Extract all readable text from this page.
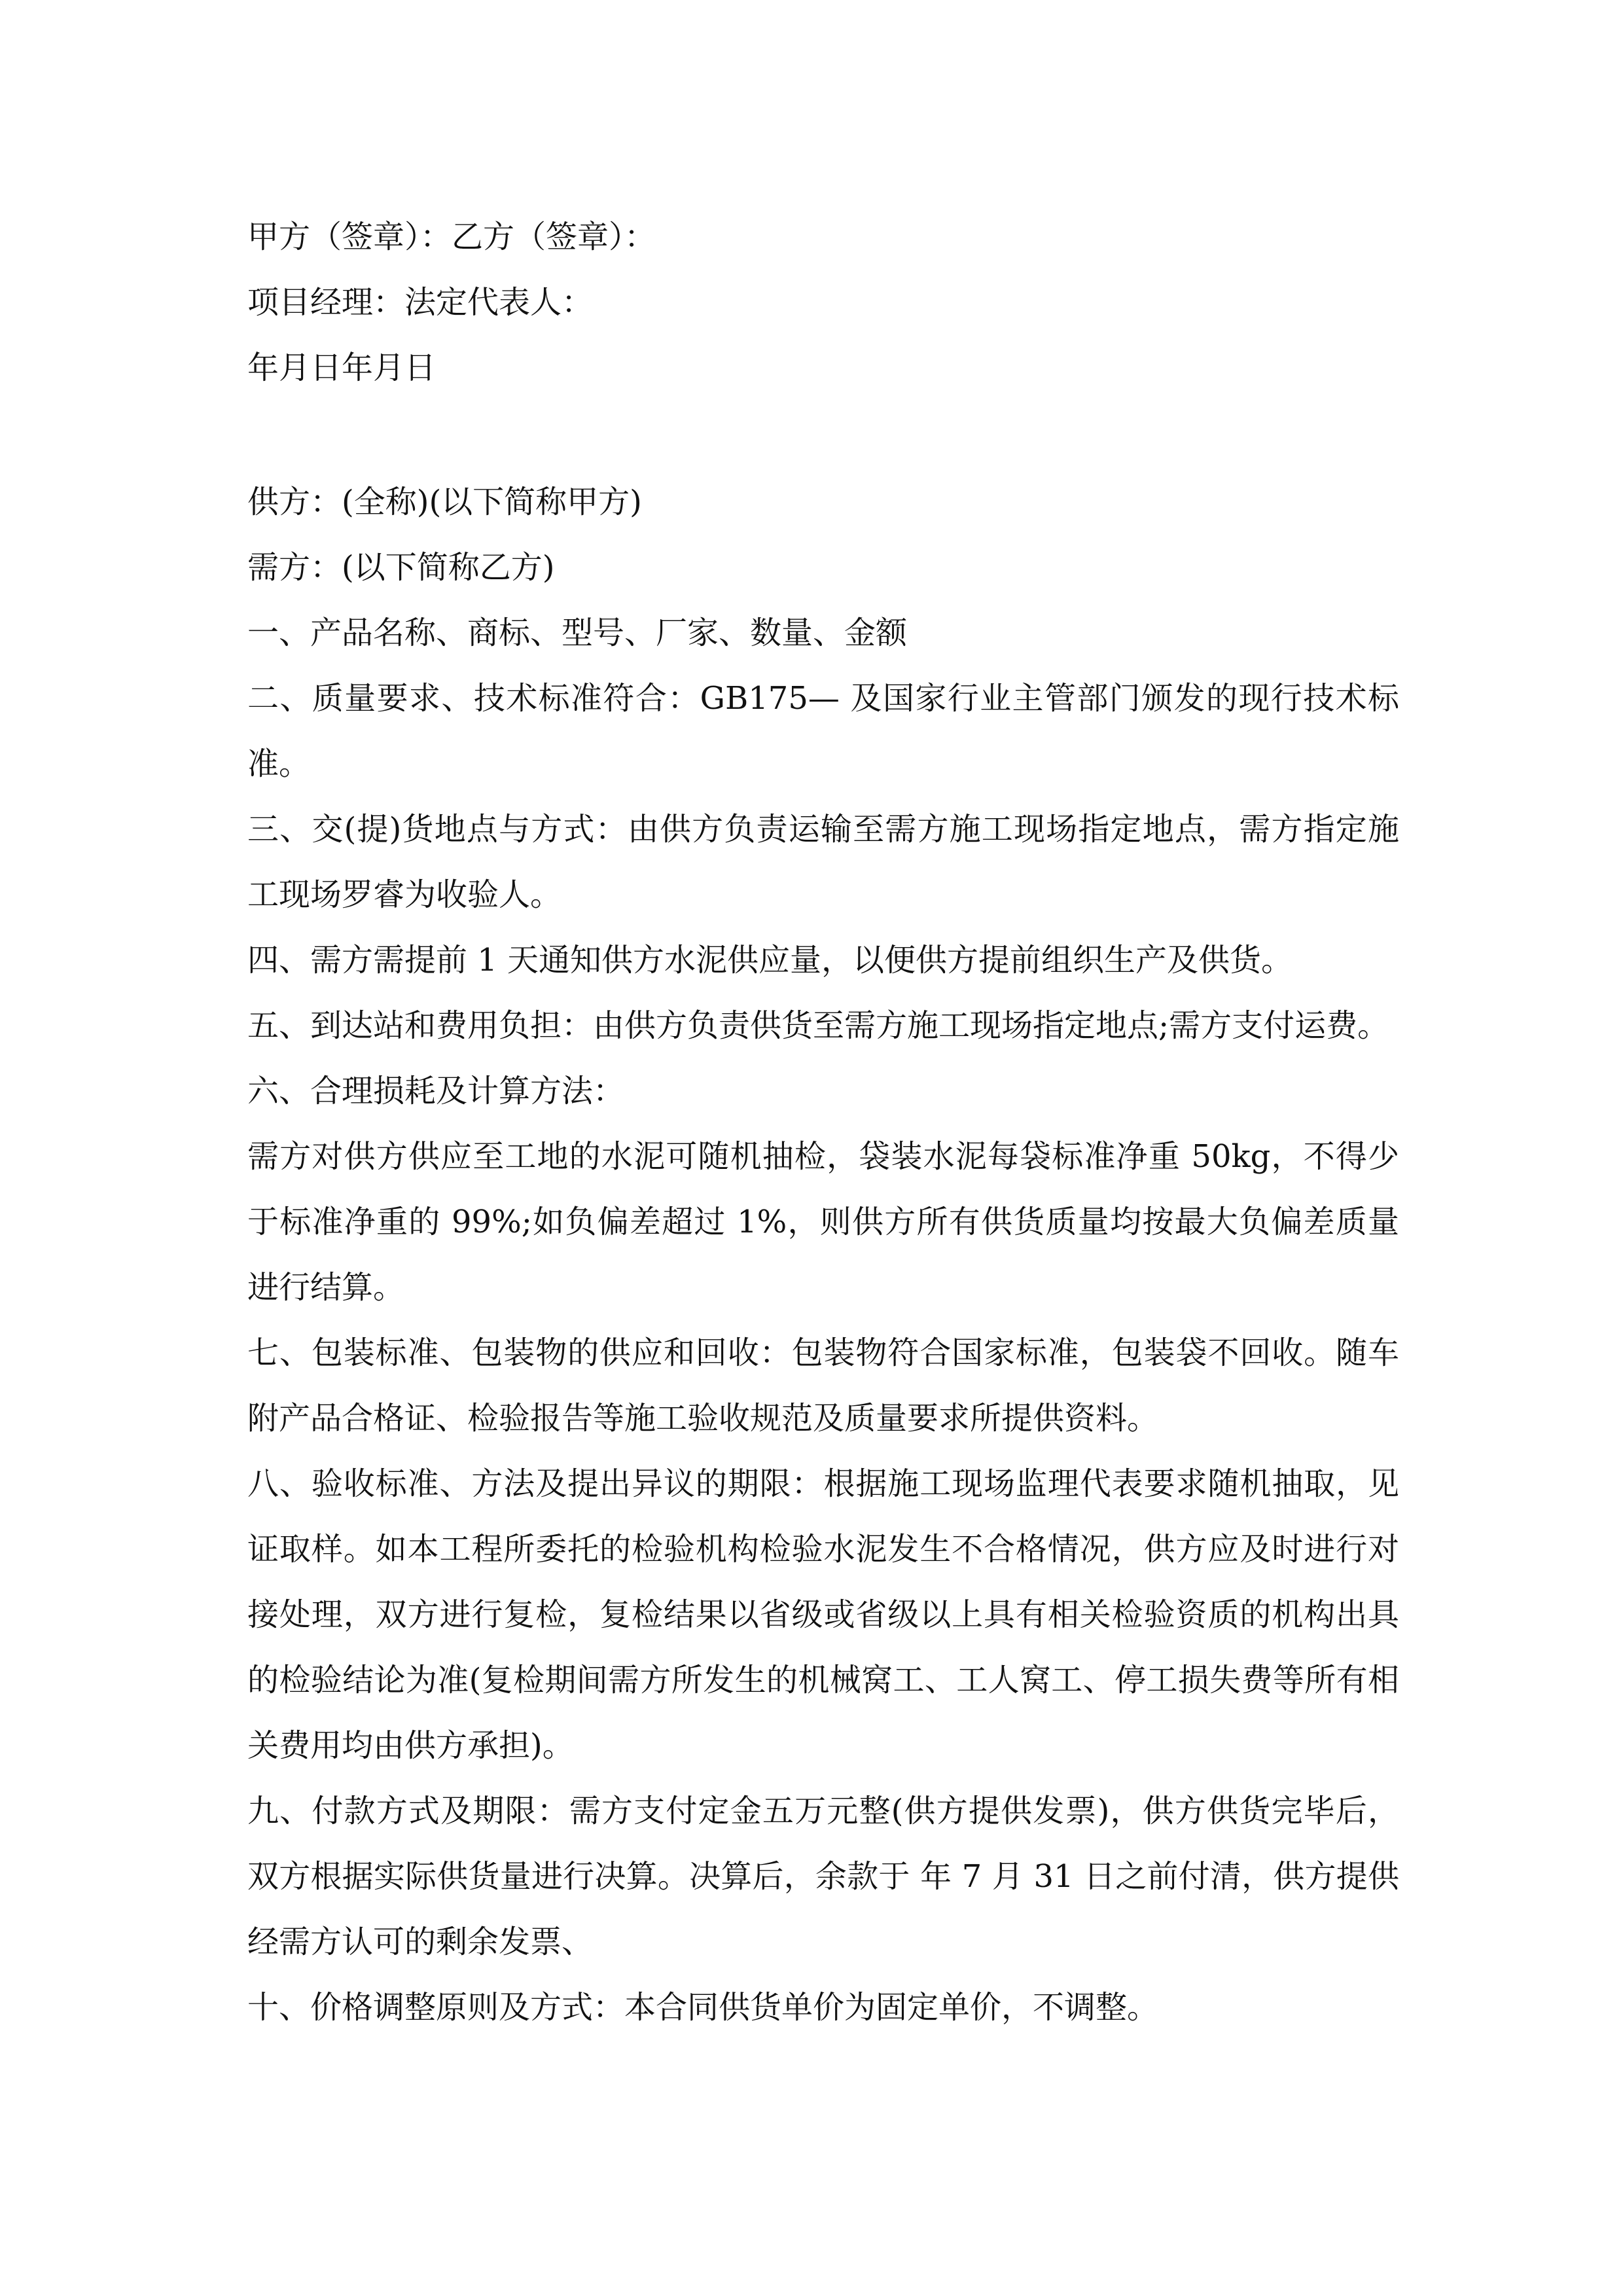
甲方（签章）：乙方（签章）：
项目经理：法定代表人：
年月日年月日
供方：(全称)(以下简称甲方)
需方：(以下简称乙方)

一、产品名称、商标、型号、厂家、数量、金额

二、质量要求、技术标准符合：GB175— 及国家行业主管部门颁发的现行技术标准。

三、交(提)货地点与方式：由供方负责运输至需方施工现场指定地点，需方指定施工现场罗睿为收验人。

四、需方需提前 1 天通知供方水泥供应量，以便供方提前组织生产及供货。

五、到达站和费用负担：由供方负责供货至需方施工现场指定地点;需方支付运费。

六、合理损耗及计算方法：

需方对供方供应至工地的水泥可随机抽检，袋装水泥每袋标准净重 50kg，不得少于标准净重的 99%;如负偏差超过 1%，则供方所有供货质量均按最大负偏差质量进行结算。

七、包装标准、包装物的供应和回收：包装物符合国家标准，包装袋不回收。随车附产品合格证、检验报告等施工验收规范及质量要求所提供资料。

八、验收标准、方法及提出异议的期限：根据施工现场监理代表要求随机抽取，见证取样。如本工程所委托的检验机构检验水泥发生不合格情况，供方应及时进行对接处理，双方进行复检，复检结果以省级或省级以上具有相关检验资质的机构出具的检验结论为准(复检期间需方所发生的机械窝工、工人窝工、停工损失费等所有相关费用均由供方承担)。

九、付款方式及期限：需方支付定金五万元整(供方提供发票)，供方供货完毕后，双方根据实际供货量进行决算。决算后，余款于 年 7 月 31 日之前付清，供方提供经需方认可的剩余发票、

十、价格调整原则及方式：本合同供货单价为固定单价，不调整。
